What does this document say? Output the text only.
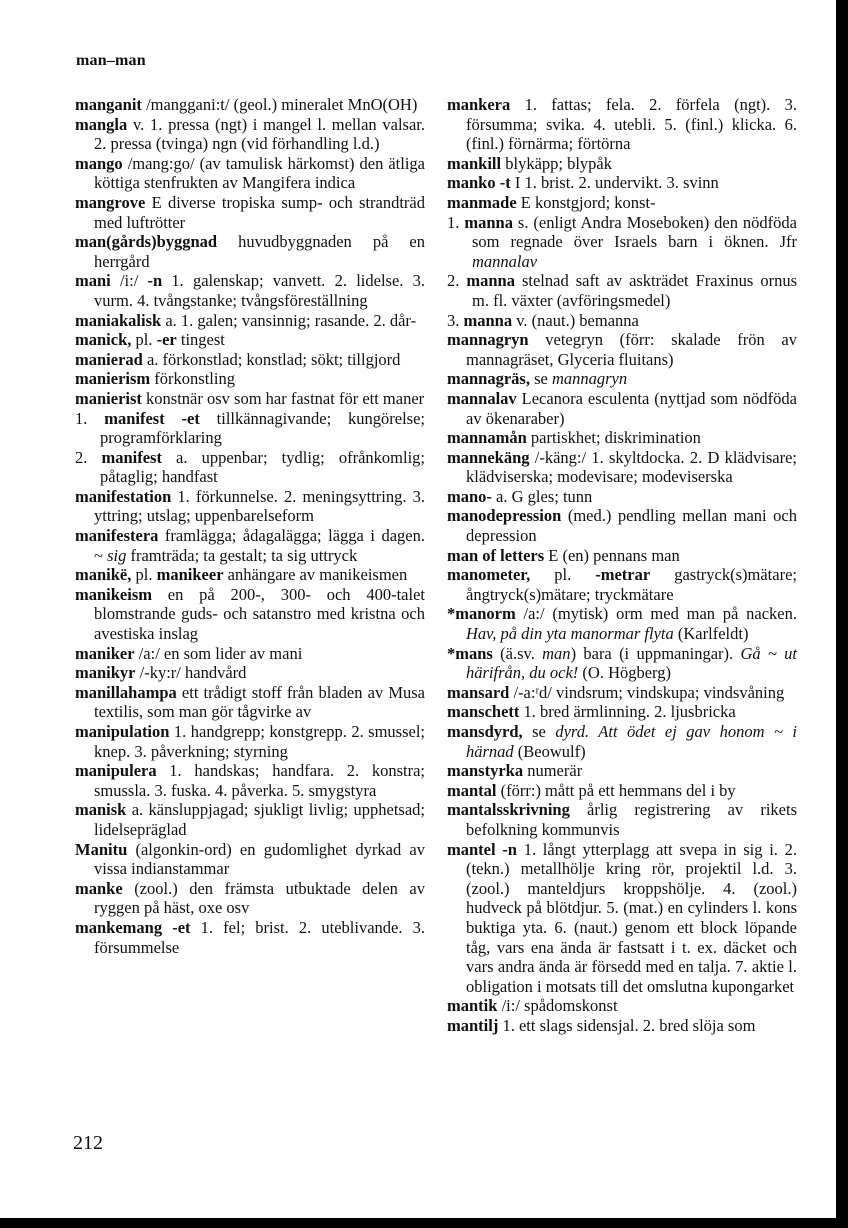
man–man

manganit /manggani:t/ (geol.) mineralet MnO(OH)

mangla v. 1. pressa (ngt) i mangel l. mellan valsar. 2. pressa (tvinga) ngn (vid förhandling l.d.)

mango /mang:go/ (av tamulisk härkomst) den ätliga köttiga stenfrukten av Mangifera indica

mangrove E diverse tropiska sump- och strandträd med luftrötter

man(gårds)byggnad huvudbyggnaden på en herrgård

mani /i:/ -n 1. galenskap; vanvett. 2. lidelse. 3. vurm. 4. tvångstanke; tvångsföreställning

maniakalisk a. 1. galen; vansinnig; rasande. 2. dår-

manick, pl. -er tingest

manierad a. förkonstlad; konstlad; sökt; tillgjord

manierism förkonstling

manierist konstnär osv som har fastnat för ett maner

1. manifest -et tillkännagivande; kungörelse; programförklaring

2. manifest a. uppenbar; tydlig; ofrånkomlig; påtaglig; handfast

manifestation 1. förkunnelse. 2. meningsyttring. 3. yttring; utslag; uppenbarelseform

manifestera framlägga; ådagalägga; lägga i dagen. ~ sig framträda; ta gestalt; ta sig uttryck

manikë, pl. manikeer anhängare av manikeismen

manikeism en på 200-, 300- och 400-talet blomstrande guds- och satanstro med kristna och avestiska inslag

maniker /a:/ en som lider av mani

manikyr /-ky:r/ handvård

manillahampa ett trådigt stoff från bladen av Musa textilis, som man gör tågvirke av

manipulation 1. handgrepp; konstgrepp. 2. smussel; knep. 3. påverkning; styrning

manipulera 1. handskas; handfara. 2. konstra; smussla. 3. fuska. 4. påverka. 5. smygstyra

manisk a. känsluppjagad; sjukligt livlig; upphetsad; lidelsepräglad

Manitu (algonkin-ord) en gudomlighet dyrkad av vissa indianstammar

manke (zool.) den främsta utbuktade delen av ryggen på häst, oxe osv

mankemang -et 1. fel; brist. 2. uteblivande. 3. försummelse

mankera 1. fattas; fela. 2. förfela (ngt). 3. försumma; svika. 4. utebli. 5. (finl.) klicka. 6. (finl.) förnärma; förtörna

mankill blykäpp; blypåk

manko -t I 1. brist. 2. undervikt. 3. svinn

manmade E konstgjord; konst-

1. manna s. (enligt Andra Moseboken) den nödföda som regnade över Israels barn i öknen. Jfr mannalav

2. manna stelnad saft av askträdet Fraxinus ornus m. fl. växter (avföringsmedel)

3. manna v. (naut.) bemanna

mannagryn vetegryn (förr: skalade frön av mannagräset, Glyceria fluitans)

mannagräs, se mannagryn

mannalav Lecanora esculenta (nyttjad som nödföda av ökenaraber)

mannamån partiskhet; diskrimination

mannekäng /-käng:/ 1. skyltdocka. 2. D klädvisare; klädviserska; modevisare; modeviserska

mano- a. G gles; tunn

manodepression (med.) pendling mellan mani och depression

man of letters E (en) pennans man

manometer, pl. -metrar gastryck(s)mätare; ångtryck(s)mätare; tryckmätare

*manorm /a:/ (mytisk) orm med man på nacken. Hav, på din yta manormar flyta (Karlfeldt)

*mans (ä.sv. man) bara (i uppmaningar). Gå ~ ut härifrån, du ock! (O. Högberg)

mansard /-a:ʳd/ vindsrum; vindskupa; vindsvåning

manschett 1. bred ärmlinning. 2. ljusbricka

mansdyrd, se dyrd. Att ödet ej gav honom ~ i härnad (Beowulf)

manstyrka numerär

mantal (förr:) mått på ett hemmans del i by

mantalsskrivning årlig registrering av rikets befolkning kommunvis

mantel -n 1. långt ytterplagg att svepa in sig i. 2. (tekn.) metallhölje kring rör, projektil l.d. 3. (zool.) manteldjurs kroppshölje. 4. (zool.) hudveck på blötdjur. 5. (mat.) en cylinders l. kons buktiga yta. 6. (naut.) genom ett block löpande tåg, vars ena ända är fastsatt i t. ex. däcket och vars andra ända är försedd med en talja. 7. aktie l. obligation i motsats till det omslutna kupongarket

mantik /i:/ spådomskonst

mantilj 1. ett slags sidensjal. 2. bred slöja som

212
